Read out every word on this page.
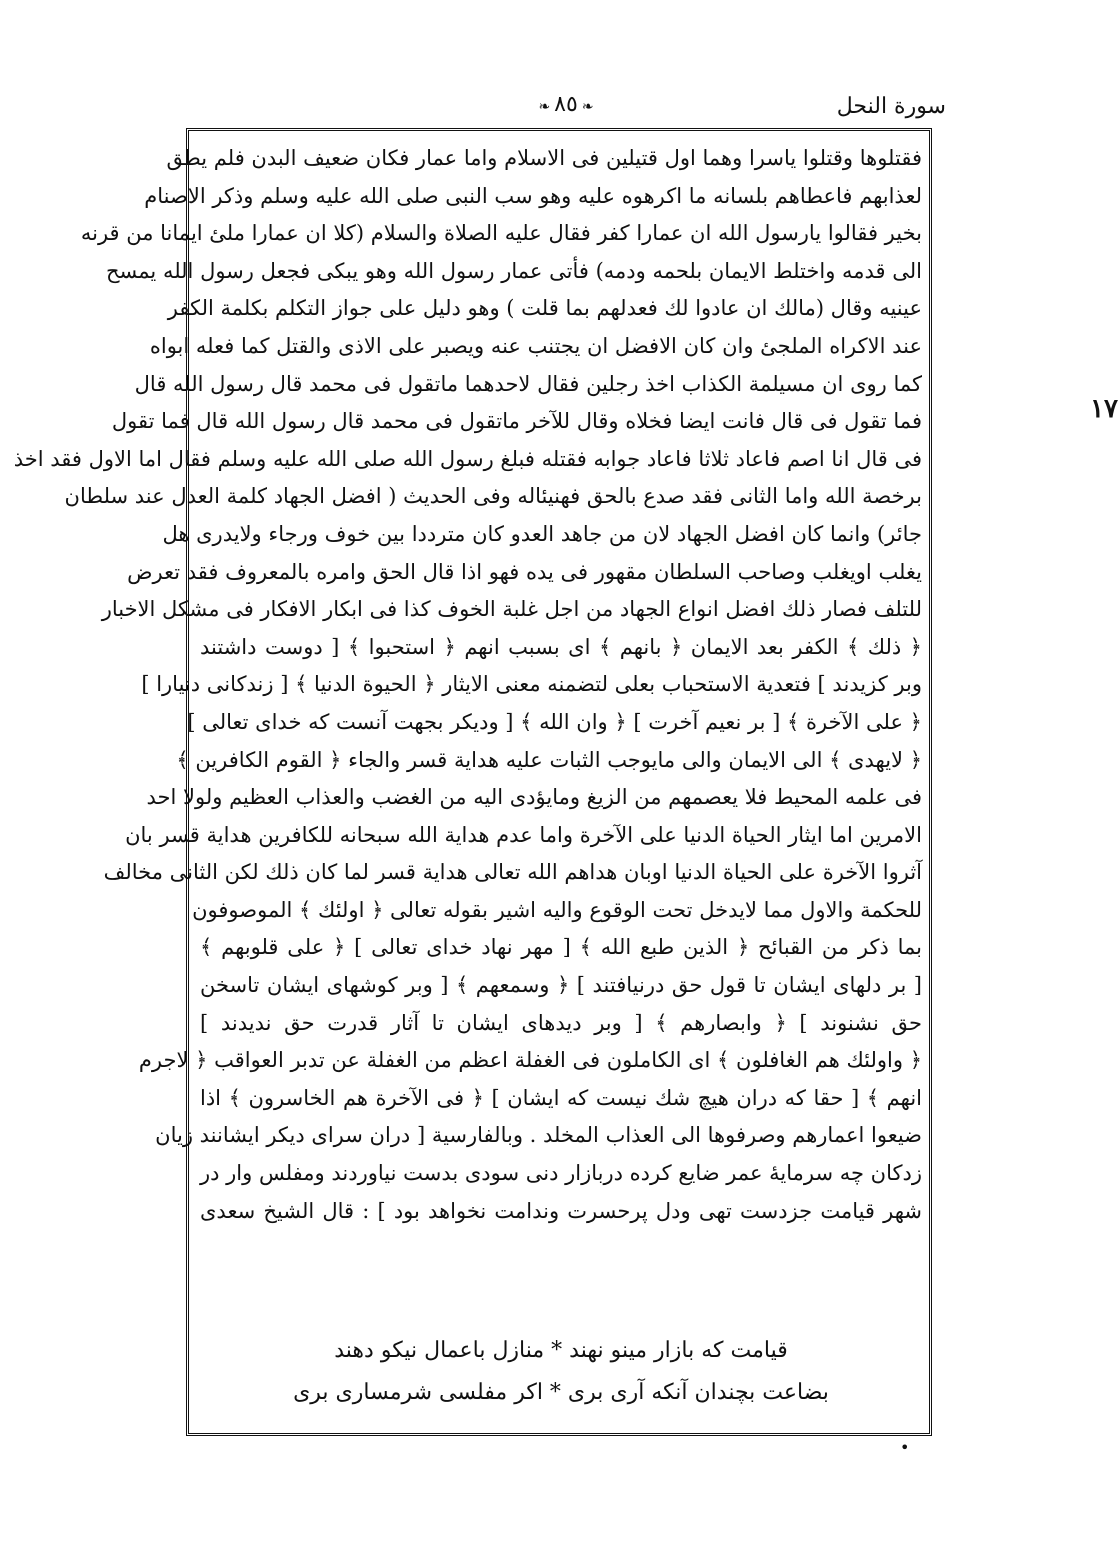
سورة النحل
❧٨٥❧
فقتلوها وقتلوا ياسرا وهما اول قتيلين فى الاسلام واما عمار فكان ضعيف البدن فلم يطق
لعذابهم فاعطاهم بلسانه ما اكرهوه عليه وهو سب النبى صلى الله عليه وسلم وذكر الاصنام
بخير فقالوا يارسول الله ان عمارا كفر فقال عليه الصلاة والسلام (كلا ان عمارا ملئ ايمانا من قرنه
الى قدمه واختلط الايمان بلحمه ودمه) فأتى عمار رسول الله وهو يبكى فجعل رسول الله يمسح
عينيه وقال (مالك ان عادوا لك فعدلهم بما قلت ) وهو دليل على جواز التكلم بكلمة الكفر
عند الاكراه الملجئ وان كان الافضل ان يجتنب عنه ويصبر على الاذى والقتل كما فعله ابواه
كما روى ان مسيلمة الكذاب اخذ رجلين فقال لاحدهما ماتقول فى محمد قال رسول الله قال
فما تقول فى قال فانت ايضا فخلاه وقال للآخر ماتقول فى محمد قال رسول الله قال فما تقول
فى قال انا اصم فاعاد ثلاثا فاعاد جوابه فقتله فبلغ رسول الله صلى الله عليه وسلم فقال اما الاول فقد اخذ
برخصة الله واما الثانى فقد صدع بالحق فهنيئاله وفى الحديث ( افضل الجهاد كلمة العدل عند سلطان
جائر) وانما كان افضل الجهاد لان من جاهد العدو كان مترددا بين خوف ورجاء ولايدرى هل
يغلب اويغلب وصاحب السلطان مقهور فى يده فهو اذا قال الحق وامره بالمعروف فقد تعرض
للتلف فصار ذلك افضل انواع الجهاد من اجل غلبة الخوف كذا فى ابكار الافكار فى مشكل الاخبار
﴿ ذلك ﴾ الكفر بعد الايمان ﴿ بانهم ﴾ اى بسبب انهم ﴿ استحبوا ﴾ [ دوست داشتند
وبر كزيدند ] فتعدية الاستحباب بعلى لتضمنه معنى الايثار ﴿ الحيوة الدنيا ﴾ [ زندكانى دنيارا ]
﴿ على الآخرة ﴾ [ بر نعيم آخرت ] ﴿ وان الله ﴾ [ وديكر بجهت آنست كه خداى تعالى ]
﴿ لايهدى ﴾ الى الايمان والى مايوجب الثبات عليه هداية قسر والجاء ﴿ القوم الكافرين ﴾
فى علمه المحيط فلا يعصمهم من الزيغ ومايؤدى اليه من الغضب والعذاب العظيم ولولا احد
الامرين اما ايثار الحياة الدنيا على الآخرة واما عدم هداية الله سبحانه للكافرين هداية قسر بان
آثروا الآخرة على الحياة الدنيا اوبان هداهم الله تعالى هداية قسر لما كان ذلك لكن الثانى مخالف
للحكمة والاول مما لايدخل تحت الوقوع واليه اشير بقوله تعالى ﴿ اولئك ﴾ الموصوفون
بما ذكر من القبائح ﴿ الذين طبع الله ﴾ [ مهر نهاد خداى تعالى ] ﴿ على قلوبهم ﴾
[ بر دلهاى ايشان تا قول حق درنيافتند ] ﴿ وسمعهم ﴾ [ وبر كوشهاى ايشان تاسخن
حق نشنوند ] ﴿ وابصارهم ﴾ [ وبر ديدهاى ايشان تا آثار قدرت حق نديدند ]
﴿ واولئك هم الغافلون ﴾ اى الكاملون فى الغفلة اعظم من الغفلة عن تدبر العواقب ﴿ لاجرم
انهم ﴾ [ حقا كه دران هيچ شك نيست كه ايشان ] ﴿ فى الآخرة هم الخاسرون ﴾ اذا
ضيعوا اعمارهم وصرفوها الى العذاب المخلد . وبالفارسية [ دران سراى ديكر ايشانند زيان
زدكان چه سرمايهٔ عمر ضايع كرده دربازار دنى سودى بدست نياوردند ومفلس وار در
شهر قيامت جزدست تهى ودل پرحسرت وندامت نخواهد بود ] : قال الشيخ سعدى
قيامت كه بازار مينو نهند * منازل باعمال نيكو دهند
بضاعت بچندان آنكه آرى برى * اكر مفلسى شرمسارى برى
١٧
•
